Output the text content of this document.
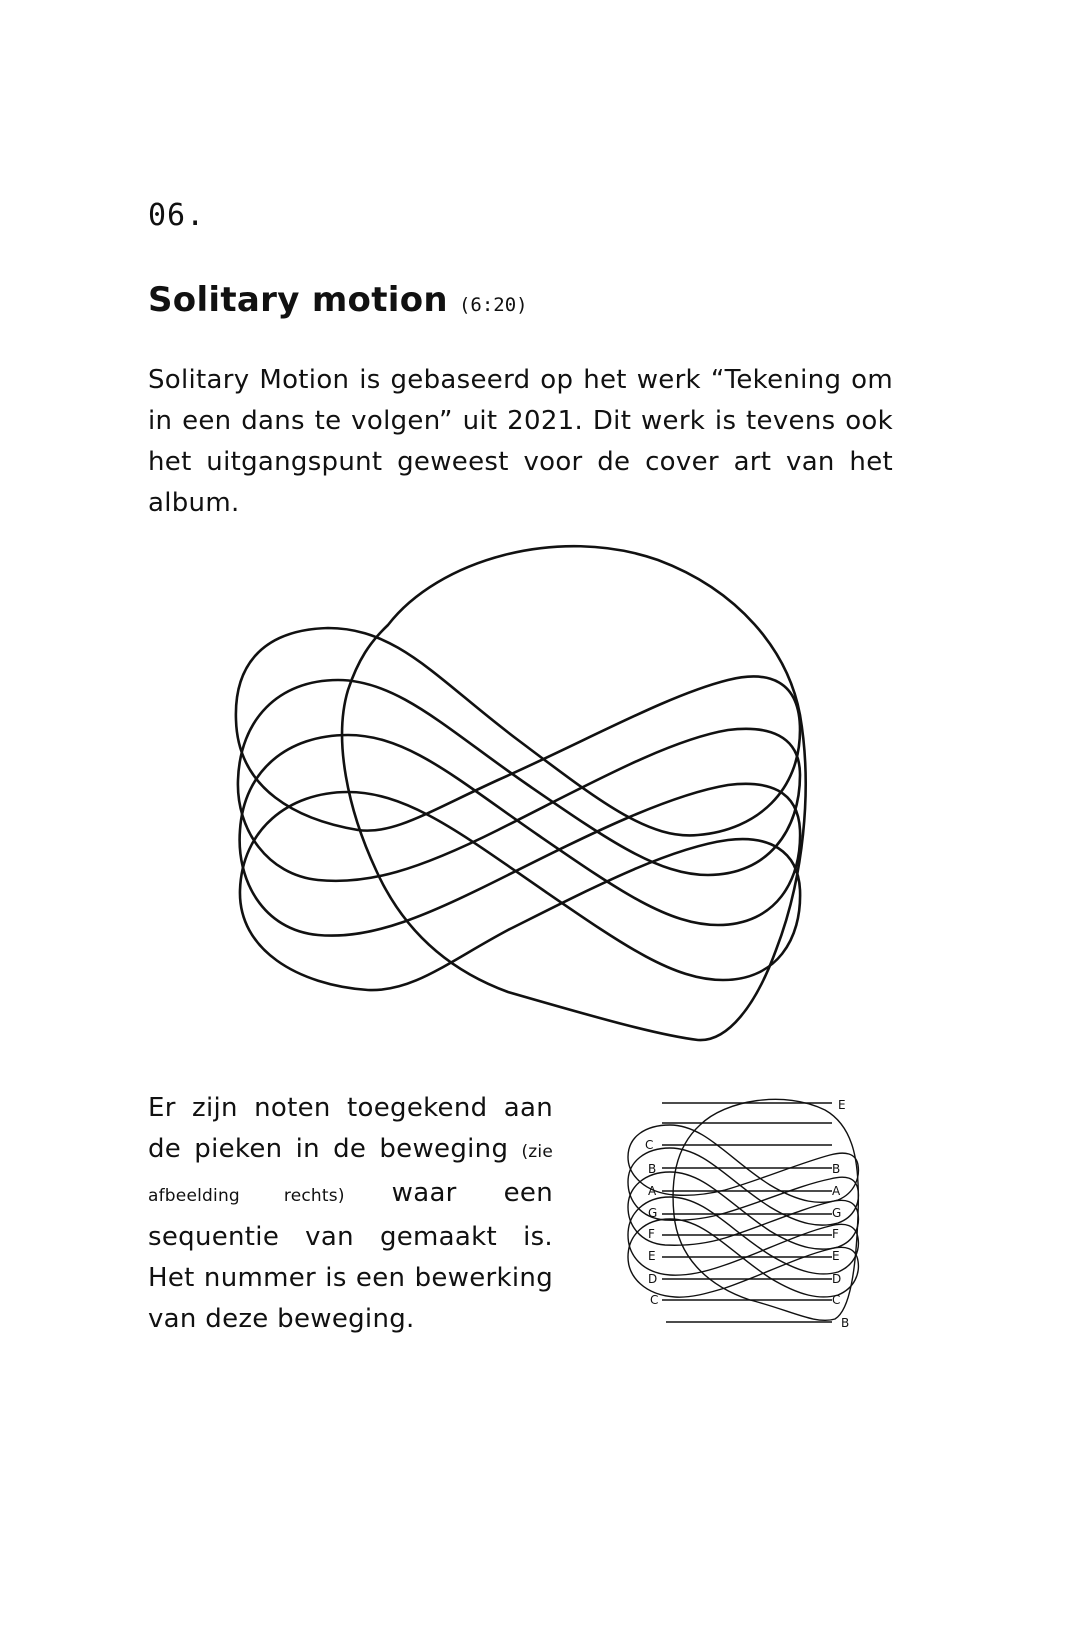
06.
Solitary motion (6:20)

Solitary Motion is gebaseerd op het werk “Tekening om in een dans te volgen” uit 2021. Dit werk is tevens ook het uitgangspunt geweest voor de cover art van het album.

Er zijn noten toegekend aan de pieken in de beweging (zie afbeelding rechts) waar een sequentie van gemaakt is. Het nummer is een bewerking van deze beweging.

E
C
B
A
G
F
E
D
C
B
A
G
F
E
D
C
B
